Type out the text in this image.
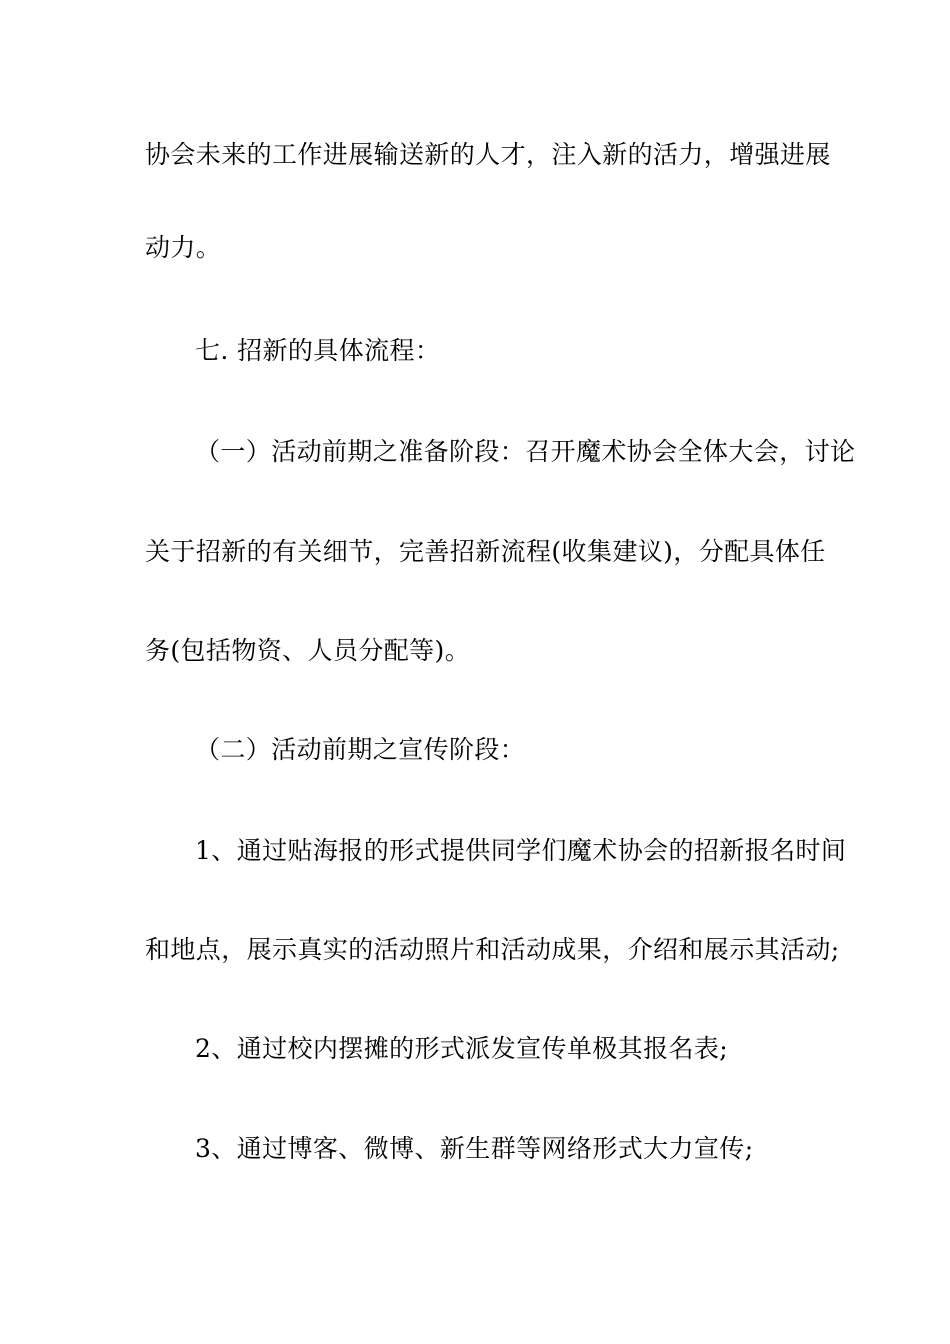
协会未来的工作进展输送新的人才，注入新的活力，增强进展
动力。
七. 招新的具体流程：
（一）活动前期之准备阶段：召开魔术协会全体大会，讨论
关于招新的有关细节，完善招新流程(收集建议)，分配具体任
务(包括物资、人员分配等)。
（二）活动前期之宣传阶段：
1、通过贴海报的形式提供同学们魔术协会的招新报名时间
和地点，展示真实的活动照片和活动成果，介绍和展示其活动;
2、通过校内摆摊的形式派发宣传单极其报名表;
3、通过博客、微博、新生群等网络形式大力宣传;
